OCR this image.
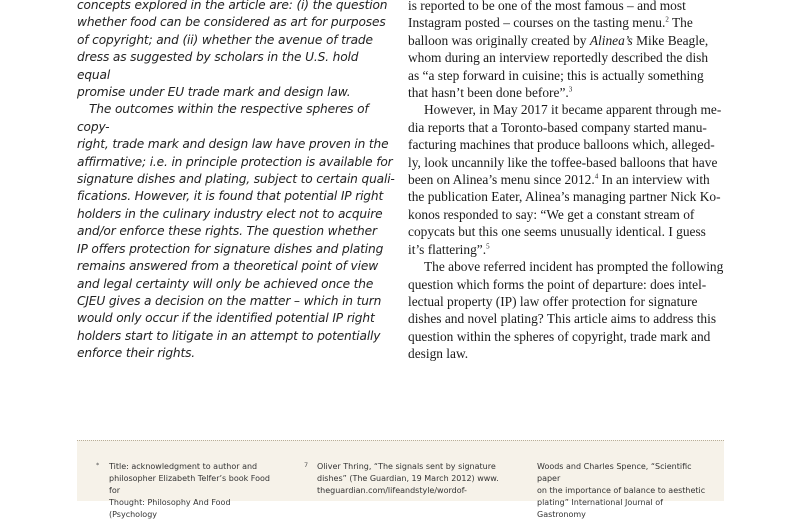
concepts explored in the article are: (i) the question
whether food can be considered as art for purposes
of copyright; and (ii) whether the avenue of trade
dress as suggested by scholars in the U.S. hold equal
promise under EU trade mark and design law.

The outcomes within the respective spheres of copy-
right, trade mark and design law have proven in the
affirmative; i.e. in principle protection is available for
signature dishes and plating, subject to certain quali-
fications. However, it is found that potential IP right
holders in the culinary industry elect not to acquire
and/or enforce these rights. The question whether
IP offers protection for signature dishes and plating
remains answered from a theoretical point of view
and legal certainty will only be achieved once the
CJEU gives a decision on the matter – which in turn
would only occur if the identified potential IP right
holders start to litigate in an attempt to potentially
enforce their rights.

is reported to be one of the most famous – and most
Instagram posted – courses on the tasting menu.$^2$ The
balloon was originally created by Alinea’s Mike Beagle,
whom during an interview reportedly described the dish
as “a step forward in cuisine; this is actually something
that hasn’t been done before”.$^3$

However, in May 2017 it became apparent through me-
dia reports that a Toronto-based company started manu-
facturing machines that produce balloons which, alleged-
ly, look uncannily like the toffee-based balloons that have
been on Alinea’s menu since 2012.$^4$ In an interview with
the publication Eater, Alinea’s managing partner Nick Ko-
konos responded to say: “We get a constant stream of
copycats but this one seems unusually identical. I guess
it’s flattering”.$^5$

The above referred incident has prompted the following
question which forms the point of departure: does intel-
lectual property (IP) law offer protection for signature
dishes and novel plating? This article aims to address this
question within the spheres of copyright, trade mark and
design law.

* Title: acknowledgment to author and
philosopher Elizabeth Telfer’s book Food for
Thought: Philosophy And Food (Psychology
7 Oliver Thring, “The signals sent by signature
dishes” (The Guardian, 19 March 2012) www.
theguardian.com/lifeandstyle/wordof-
Woods and Charles Spence, “Scientific paper
on the importance of balance to aesthetic
plating” International Journal of Gastronomy
